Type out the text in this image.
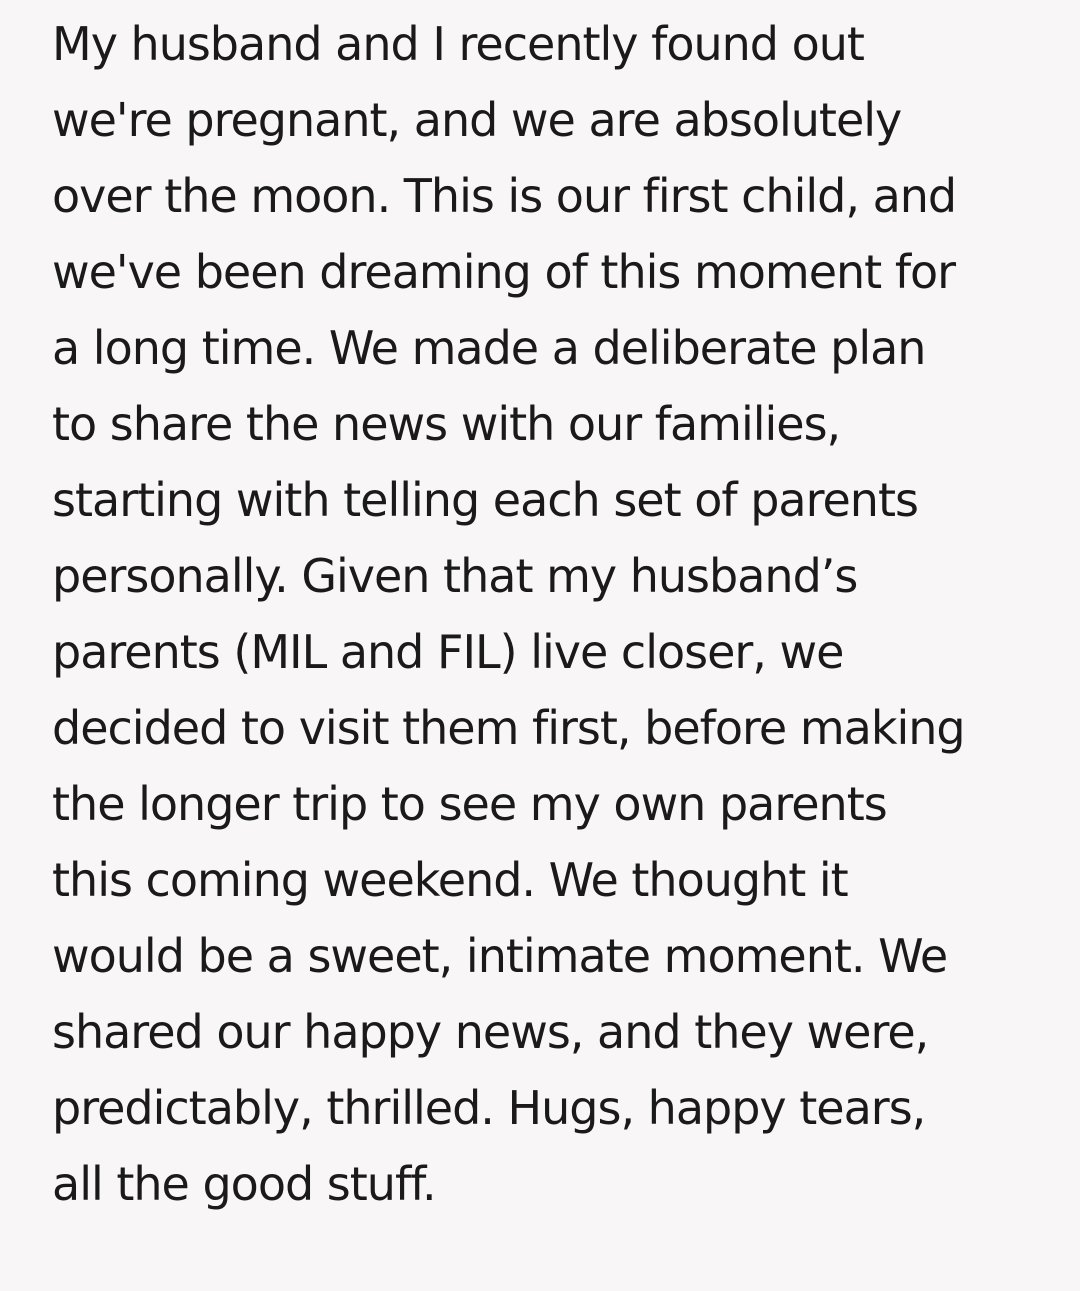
My husband and I recently found out
we're pregnant, and we are absolutely
over the moon. This is our first child, and
we've been dreaming of this moment for
a long time. We made a deliberate plan
to share the news with our families,
starting with telling each set of parents
personally. Given that my husband’s
parents (MIL and FIL) live closer, we
decided to visit them first, before making
the longer trip to see my own parents
this coming weekend. We thought it
would be a sweet, intimate moment. We
shared our happy news, and they were,
predictably, thrilled. Hugs, happy tears,
all the good stuff.
